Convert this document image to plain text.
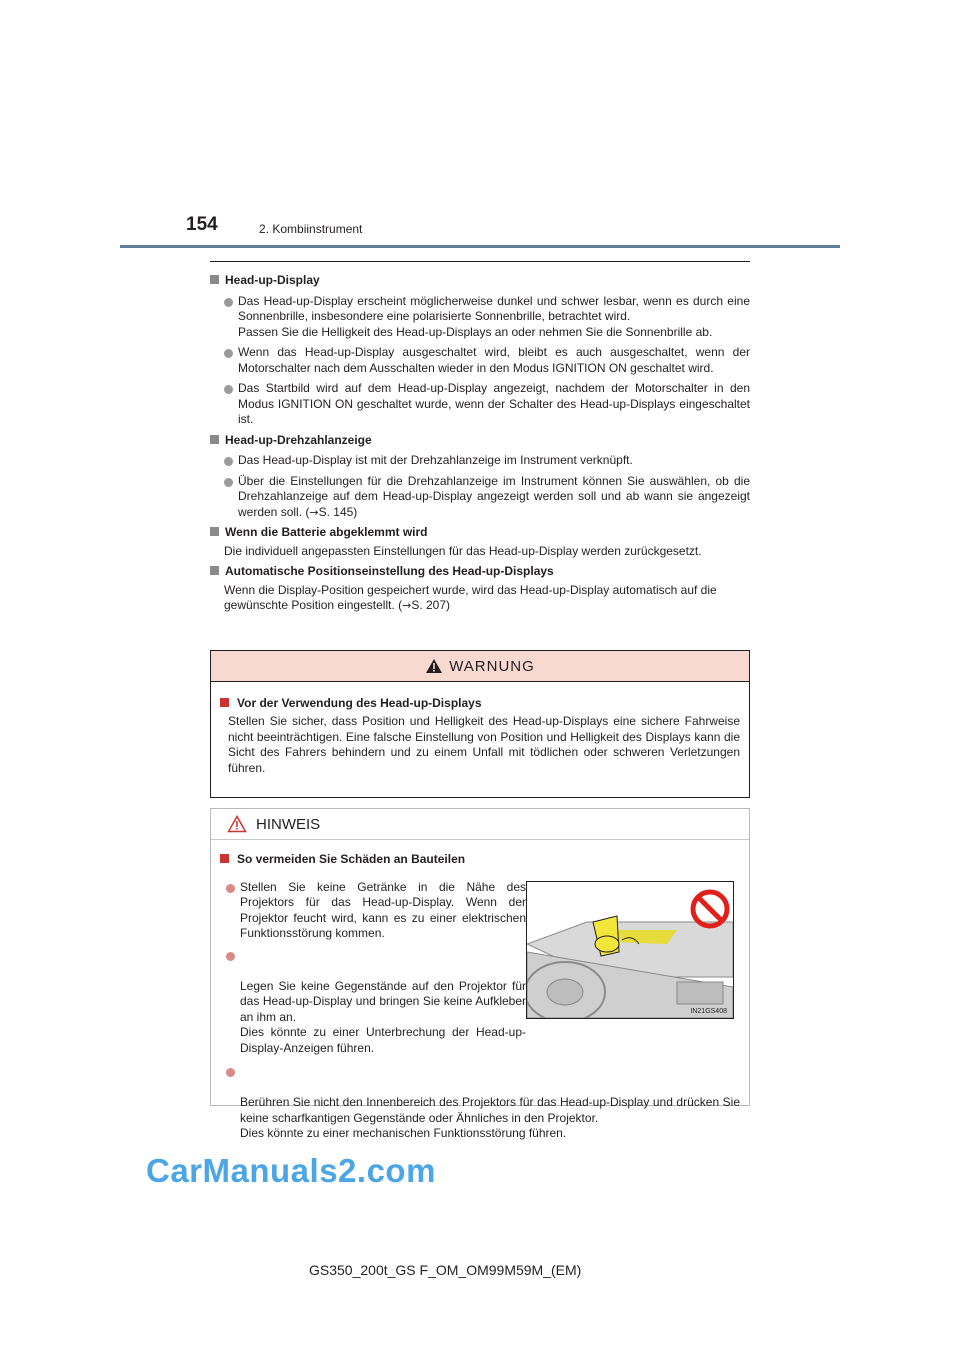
154	2. Kombiinstrument
Head-up-Display
Das Head-up-Display erscheint möglicherweise dunkel und schwer lesbar, wenn es durch eine Sonnenbrille, insbesondere eine polarisierte Sonnenbrille, betrachtet wird.
Passen Sie die Helligkeit des Head-up-Displays an oder nehmen Sie die Sonnenbrille ab.
Wenn das Head-up-Display ausgeschaltet wird, bleibt es auch ausgeschaltet, wenn der Motorschalter nach dem Ausschalten wieder in den Modus IGNITION ON geschaltet wird.
Das Startbild wird auf dem Head-up-Display angezeigt, nachdem der Motorschalter in den Modus IGNITION ON geschaltet wurde, wenn der Schalter des Head-up-Displays eingeschaltet ist.
Head-up-Drehzahlanzeige
Das Head-up-Display ist mit der Drehzahlanzeige im Instrument verknüpft.
Über die Einstellungen für die Drehzahlanzeige im Instrument können Sie auswählen, ob die Drehzahlanzeige auf dem Head-up-Display angezeigt werden soll und ab wann sie angezeigt werden soll. (→S. 145)
Wenn die Batterie abgeklemmt wird
Die individuell angepassten Einstellungen für das Head-up-Display werden zurückgesetzt.
Automatische Positionseinstellung des Head-up-Displays
Wenn die Display-Position gespeichert wurde, wird das Head-up-Display automatisch auf die gewünschte Position eingestellt. (→S. 207)
WARNUNG
Vor der Verwendung des Head-up-Displays
Stellen Sie sicher, dass Position und Helligkeit des Head-up-Displays eine sichere Fahrweise nicht beeinträchtigen. Eine falsche Einstellung von Position und Helligkeit des Displays kann die Sicht des Fahrers behindern und zu einem Unfall mit tödlichen oder schweren Verletzungen führen.
HINWEIS
So vermeiden Sie Schäden an Bauteilen
Stellen Sie keine Getränke in die Nähe des Projektors für das Head-up-Display. Wenn der Projektor feucht wird, kann es zu einer elektrischen Funktionsstörung kommen.

Legen Sie keine Gegenstände auf den Projektor für das Head-up-Display und bringen Sie keine Aufkleber an ihm an.
Dies könnte zu einer Unterbrechung der Head-up-Display-Anzeigen führen.

Berühren Sie nicht den Innenbereich des Projektors für das Head-up-Display und drücken Sie keine scharfkantigen Gegenstände oder Ähnliches in den Projektor.
Dies könnte zu einer mechanischen Funktionsstörung führen.

IN21GS408
CarManuals2.com
GS350_200t_GS F_OM_OM99M59M_(EM)
